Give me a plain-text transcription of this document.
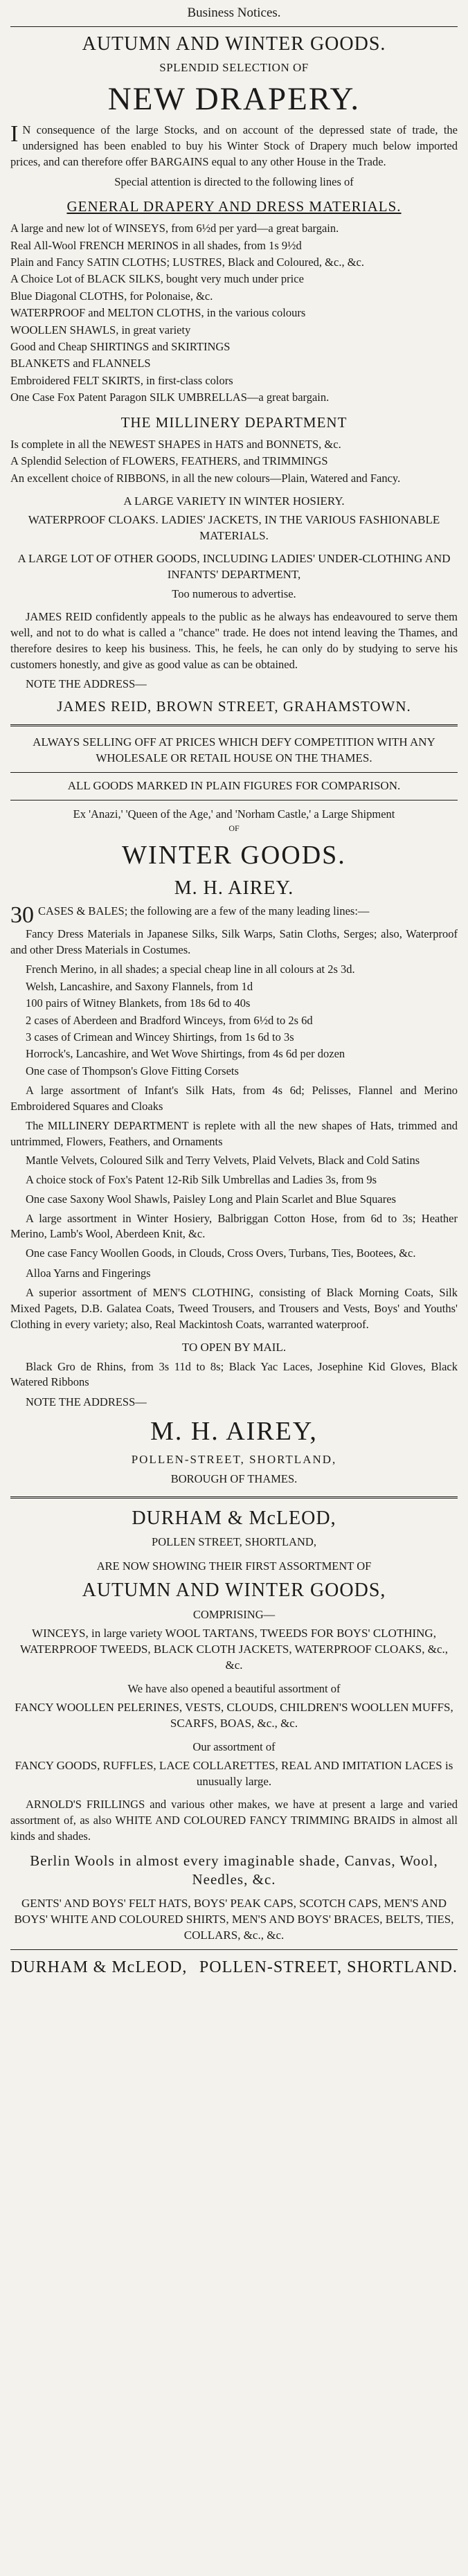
Business Notices.
AUTUMN AND WINTER GOODS.
SPLENDID SELECTION OF
NEW DRAPERY.

I N consequence of the large Stocks, and on account of the depressed state of trade, the undersigned has been enabled to buy his Winter Stock of Drapery much below imported prices, and can therefore offer BARGAINS equal to any other House in the Trade.

Special attention is directed to the following lines of
GENERAL DRAPERY AND DRESS MATERIALS.
A large and new lot of WINSEYS, from 6½d per yard—a great bargain.
Real All-Wool FRENCH MERINOS in all shades, from 1s 9½d
Plain and Fancy SATIN CLOTHS; LUSTRES, Black and Coloured, &c., &c.
A Choice Lot of BLACK SILKS, bought very much under price
Blue Diagonal CLOTHS, for Polonaise, &c.
WATERPROOF and MELTON CLOTHS, in the various colours
WOOLLEN SHAWLS, in great variety
Good and Cheap SHIRTINGS and SKIRTINGS
BLANKETS and FLANNELS
Embroidered FELT SKIRTS, in first-class colors
One Case Fox Patent Paragon SILK UMBRELLAS—a great bargain.
THE MILLINERY DEPARTMENT
Is complete in all the NEWEST SHAPES in HATS and BONNETS, &c.
A Splendid Selection of FLOWERS, FEATHERS, and TRIMMINGS
An excellent choice of RIBBONS, in all the new colours—Plain, Watered and Fancy.
A LARGE VARIETY IN WINTER HOSIERY.
WATERPROOF CLOAKS. LADIES' JACKETS, IN THE VARIOUS FASHIONABLE MATERIALS.
A LARGE LOT OF OTHER GOODS, INCLUDING LADIES' UNDER-CLOTHING AND INFANTS' DEPARTMENT,
Too numerous to advertise.

JAMES REID confidently appeals to the public as he always has endeavoured to serve them well, and not to do what is called a "chance" trade. He does not intend leaving the Thames, and therefore desires to keep his business. This, he feels, he can only do by studying to serve his customers honestly, and give as good value as can be obtained.

NOTE THE ADDRESS—
JAMES REID, BROWN STREET, GRAHAMSTOWN.
ALWAYS SELLING OFF AT PRICES WHICH DEFY COMPETITION WITH ANY WHOLESALE OR RETAIL HOUSE ON THE THAMES.
ALL GOODS MARKED IN PLAIN FIGURES FOR COMPARISON.
Ex 'Anazi,' 'Queen of the Age,' and 'Norham Castle,' a Large Shipment
OF
WINTER GOODS.
M. H. AIREY.

30 CASES & BALES; the following are a few of the many leading lines:—

Fancy Dress Materials in Japanese Silks, Silk Warps, Satin Cloths, Serges; also, Waterproof and other Dress Materials in Costumes.

French Merino, in all shades; a special cheap line in all colours at 2s 3d.
Welsh, Lancashire, and Saxony Flannels, from 1d
100 pairs of Witney Blankets, from 18s 6d to 40s
2 cases of Aberdeen and Bradford Winceys, from 6½d to 2s 6d
3 cases of Crimean and Wincey Shirtings, from 1s 6d to 3s
Horrock's, Lancashire, and Wet Wove Shirtings, from 4s 6d per dozen
One case of Thompson's Glove Fitting Corsets

A large assortment of Infant's Silk Hats, from 4s 6d; Pelisses, Flannel and Merino Embroidered Squares and Cloaks

The MILLINERY DEPARTMENT is replete with all the new shapes of Hats, trimmed and untrimmed, Flowers, Feathers, and Ornaments

Mantle Velvets, Coloured Silk and Terry Velvets, Plaid Velvets, Black and Cold Satins

A choice stock of Fox's Patent 12-Rib Silk Umbrellas and Ladies 3s, from 9s

One case Saxony Wool Shawls, Paisley Long and Plain Scarlet and Blue Squares

A large assortment in Winter Hosiery, Balbriggan Cotton Hose, from 6d to 3s; Heather Merino, Lamb's Wool, Aberdeen Knit, &c.

One case Fancy Woollen Goods, in Clouds, Cross Overs, Turbans, Ties, Bootees, &c.

Alloa Yarns and Fingerings

A superior assortment of MEN'S CLOTHING, consisting of Black Morning Coats, Silk Mixed Pagets, D.B. Galatea Coats, Tweed Trousers, and Trousers and Vests, Boys' and Youths' Clothing in every variety; also, Real Mackintosh Coats, warranted waterproof.

TO OPEN BY MAIL.

Black Gro de Rhins, from 3s 11d to 8s; Black Yac Laces, Josephine Kid Gloves, Black Watered Ribbons

NOTE THE ADDRESS—
M. H. AIREY,
POLLEN-STREET, SHORTLAND,
BOROUGH OF THAMES.
DURHAM & McLEOD,
POLLEN STREET, SHORTLAND,
ARE NOW SHOWING THEIR FIRST ASSORTMENT OF
AUTUMN AND WINTER GOODS,
COMPRISING—
WINCEYS, in large variety WOOL TARTANS, TWEEDS FOR BOYS' CLOTHING, WATERPROOF TWEEDS, BLACK CLOTH JACKETS, WATERPROOF CLOAKS, &c., &c.
We have also opened a beautiful assortment of
FANCY WOOLLEN PELERINES, VESTS, CLOUDS, CHILDREN'S WOOLLEN MUFFS, SCARFS, BOAS, &c., &c.
Our assortment of
FANCY GOODS, RUFFLES, LACE COLLARETTES, REAL AND IMITATION LACES is unusually large.

ARNOLD'S FRILLINGS and various other makes, we have at present a large and varied assortment of, as also WHITE AND COLOURED FANCY TRIMMING BRAIDS in almost all kinds and shades.

Berlin Wools in almost every imaginable shade, Canvas, Wool, Needles, &c.
GENTS' AND BOYS' FELT HATS, BOYS' PEAK CAPS, SCOTCH CAPS, MEN'S AND BOYS' WHITE AND COLOURED SHIRTS, MEN'S AND BOYS' BRACES, BELTS, TIES, COLLARS, &c., &c.
DURHAM & McLEOD, POLLEN-STREET, SHORTLAND.
